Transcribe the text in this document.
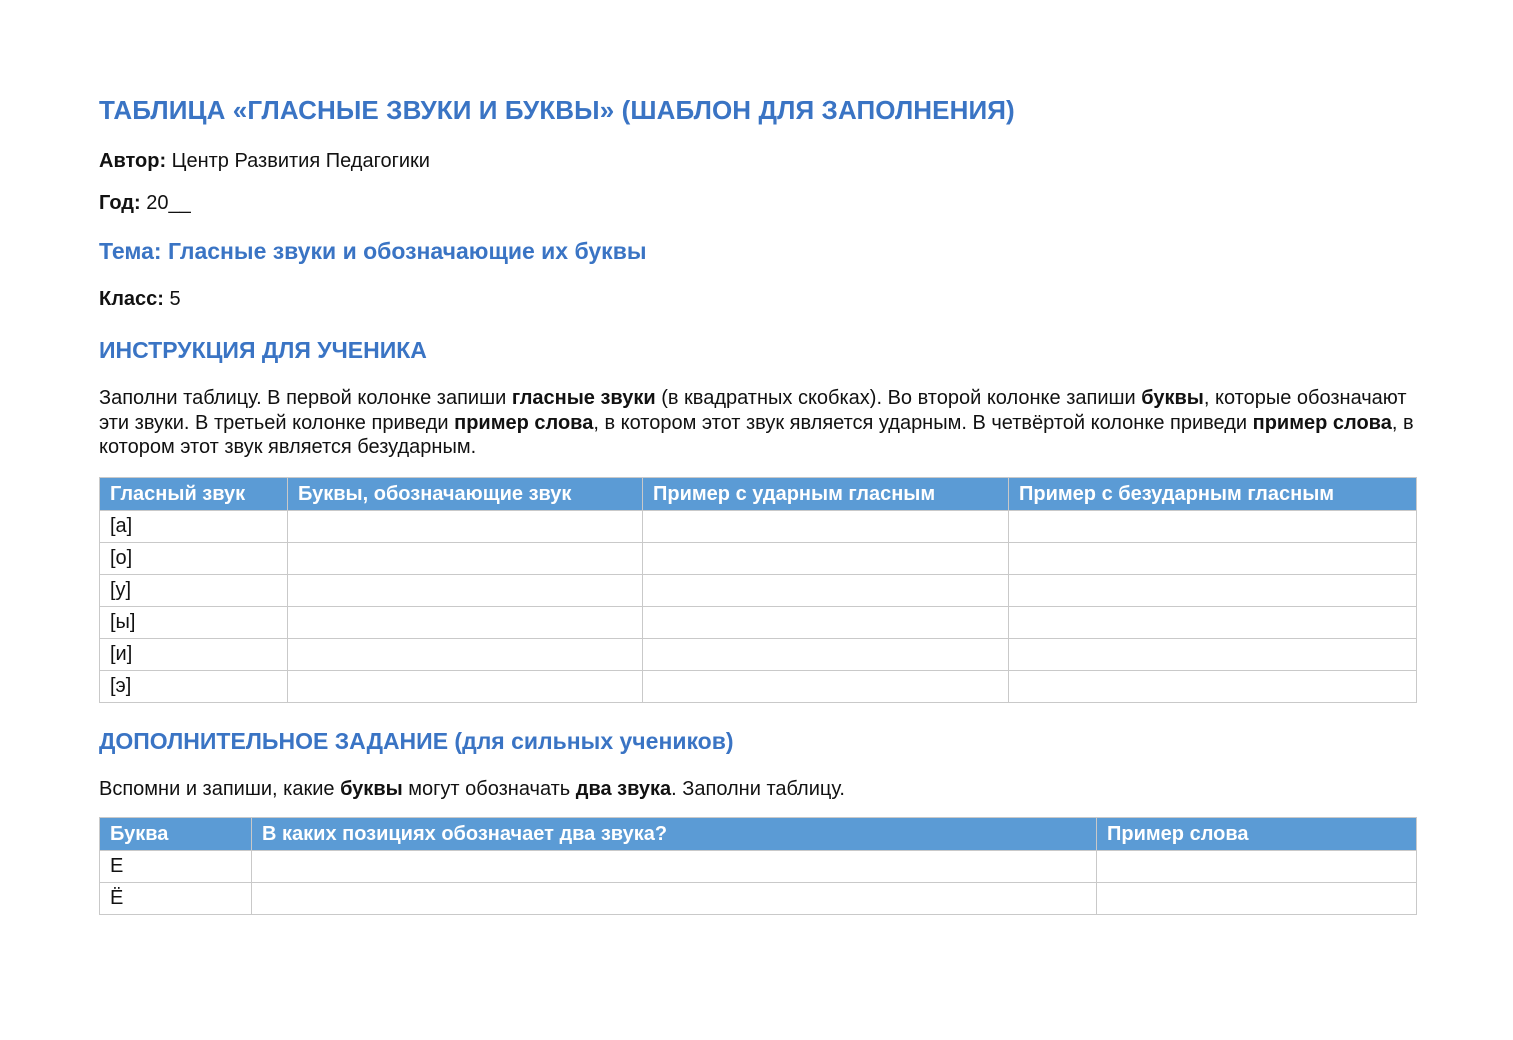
ТАБЛИЦА «ГЛАСНЫЕ ЗВУКИ И БУКВЫ» (ШАБЛОН ДЛЯ ЗАПОЛНЕНИЯ)
Автор: Центр Развития Педагогики
Год: 20__
Тема: Гласные звуки и обозначающие их буквы
Класс: 5
ИНСТРУКЦИЯ ДЛЯ УЧЕНИКА
Заполни таблицу. В первой колонке запиши гласные звуки (в квадратных скобках). Во второй колонке запиши буквы, которые обозначают эти звуки. В третьей колонке приведи пример слова, в котором этот звук является ударным. В четвёртой колонке приведи пример слова, в котором этот звук является безударным.
Гласный звук	Буквы, обозначающие звук	Пример с ударным гласным	Пример с безударным гласным
[а]			
[о]			
[у]			
[ы]			
[и]			
[э]			
ДОПОЛНИТЕЛЬНОЕ ЗАДАНИЕ (для сильных учеников)
Вспомни и запиши, какие буквы могут обозначать два звука. Заполни таблицу.
Буква	В каких позициях обозначает два звука?	Пример слова
Е		
Ё		
